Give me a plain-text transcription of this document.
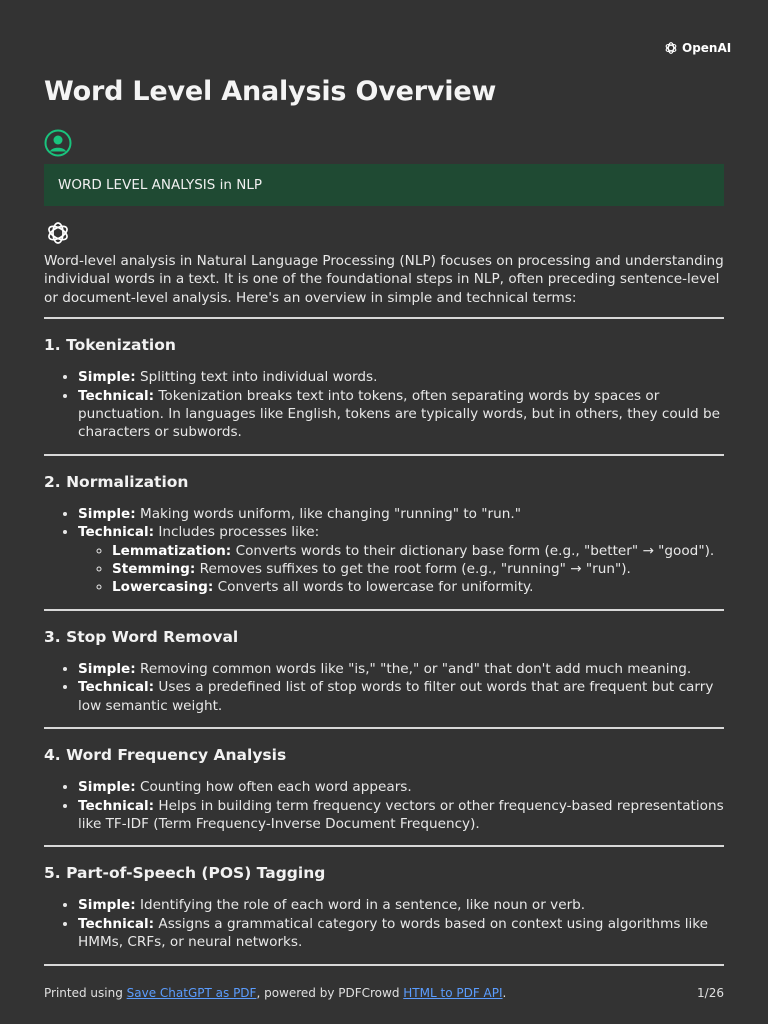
OpenAI
Word Level Analysis Overview
WORD LEVEL ANALYSIS in NLP

Word-level analysis in Natural Language Processing (NLP) focuses on processing and understanding individual words in a text. It is one of the foundational steps in NLP, often preceding sentence-level or document-level analysis. Here's an overview in simple and technical terms:

1. Tokenization
• Simple: Splitting text into individual words.
• Technical: Tokenization breaks text into tokens, often separating words by spaces or punctuation. In languages like English, tokens are typically words, but in others, they could be characters or subwords.
2. Normalization
• Simple: Making words uniform, like changing "running" to "run."
• Technical: Includes processes like:
◦ Lemmatization: Converts words to their dictionary base form (e.g., "better" → "good").
◦ Stemming: Removes suffixes to get the root form (e.g., "running" → "run").
◦ Lowercasing: Converts all words to lowercase for uniformity.
3. Stop Word Removal
• Simple: Removing common words like "is," "the," or "and" that don't add much meaning.
• Technical: Uses a predefined list of stop words to filter out words that are frequent but carry low semantic weight.
4. Word Frequency Analysis
• Simple: Counting how often each word appears.
• Technical: Helps in building term frequency vectors or other frequency-based representations like TF-IDF (Term Frequency-Inverse Document Frequency).
5. Part-of-Speech (POS) Tagging
• Simple: Identifying the role of each word in a sentence, like noun or verb.
• Technical: Assigns a grammatical category to words based on context using algorithms like HMMs, CRFs, or neural networks.
Printed using Save ChatGPT as PDF, powered by PDFCrowd HTML to PDF API.	1/26
